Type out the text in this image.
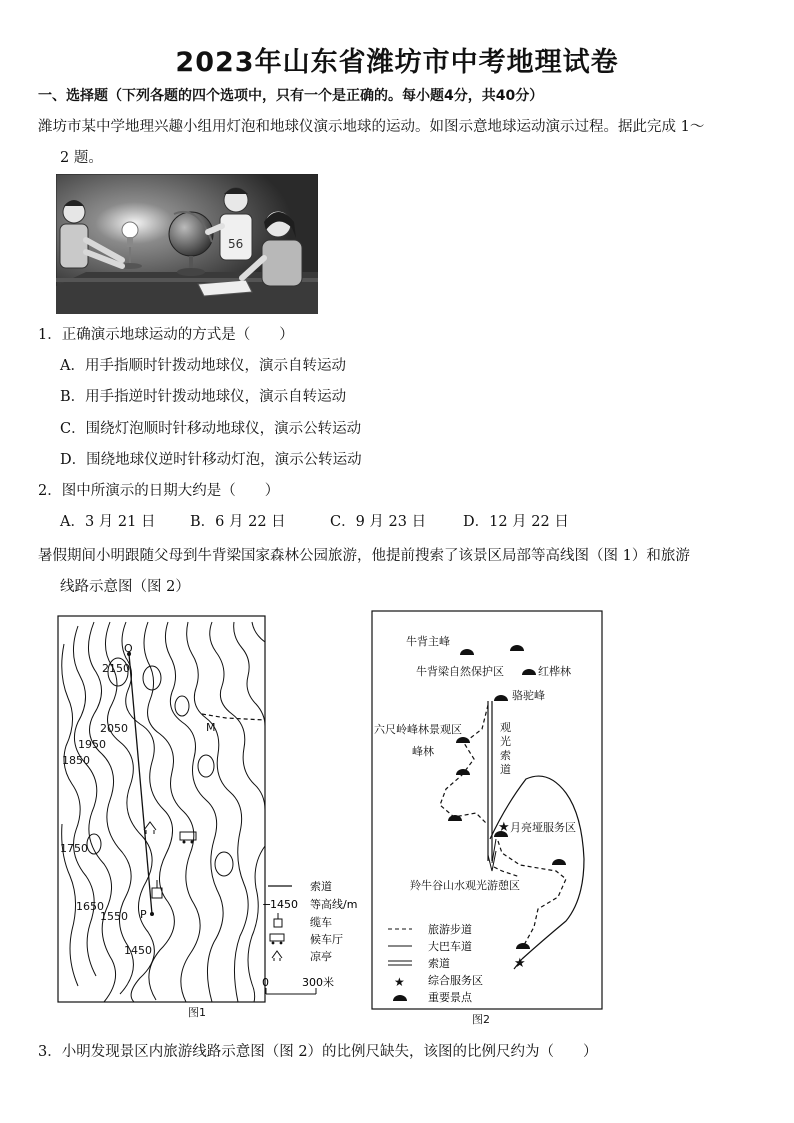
2023年山东省潍坊市中考地理试卷
一、选择题（下列各题的四个选项中，只有一个是正确的。每小题4分，共40分）
潍坊市某中学地理兴趣小组用灯泡和地球仪演示地球的运动。如图示意地球运动演示过程。据此完成 1～
2 题。
56
1．正确演示地球运动的方式是（　　）
A．用手指顺时针拨动地球仪，演示自转运动
B．用手指逆时针拨动地球仪，演示自转运动
C．围绕灯泡顺时针移动地球仪，演示公转运动
D．围绕地球仪逆时针移动灯泡，演示公转运动
2．图中所演示的日期大约是（　　）
A．3 月 21 日 B．6 月 22 日	C．9 月 23 日	D．12 月 22 日
暑假期间小明跟随父母到牛背梁国家森林公园旅游，他提前搜索了该景区局部等高线图（图 1）和旅游
线路示意图（图 2）
Q
M
P
2150
2050
1950
1850
1750
1650
1550
1450
索道
−
1450 等高线/m
缆车
候车厅
凉亭
0	300米
图1
★
★
牛背主峰
牛背梁自然保护区	红桦林
骆驼峰
六尺岭峰林景观区
峰林
观
光
索
道
月亮垭服务区
羚牛谷山水观光游憩区
旅游步道
大巴车道
索道
★ 综合服务区
重要景点
图2
3．小明发现景区内旅游线路示意图（图 2）的比例尺缺失，该图的比例尺约为（　　）
